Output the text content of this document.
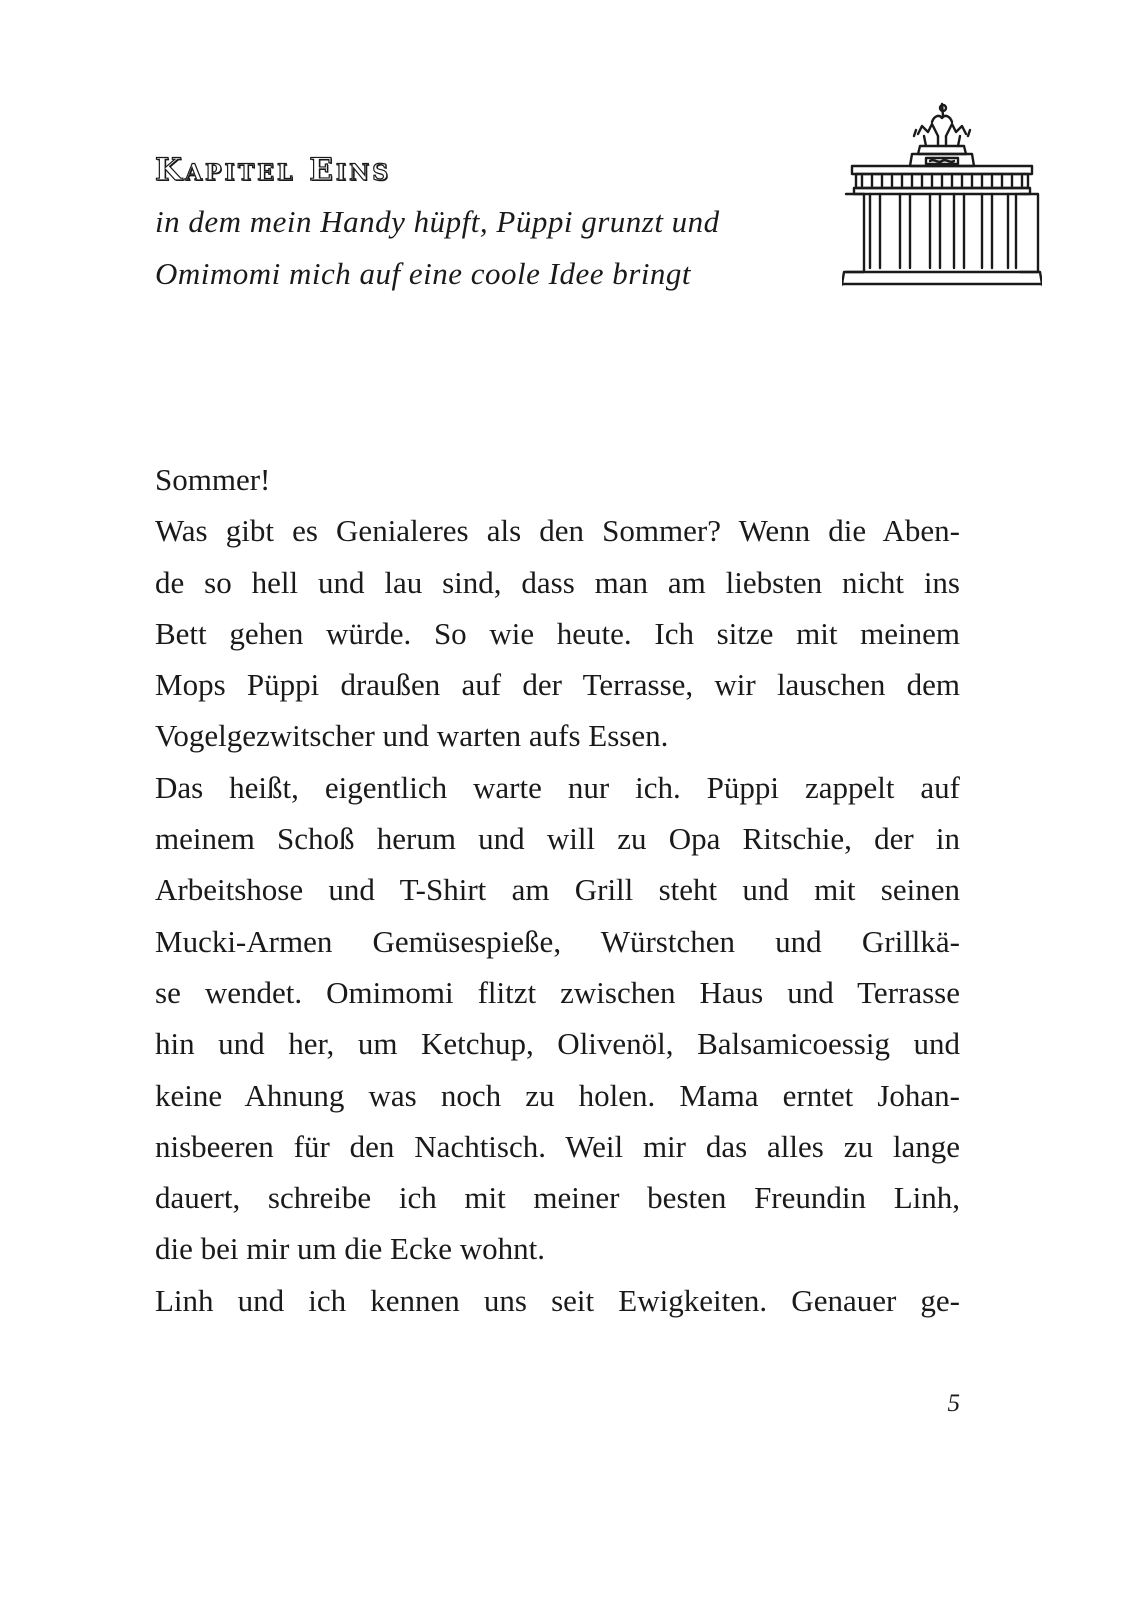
Kapitel Eins
in dem mein Handy hüpft, Püppi grunzt und
Omimomi mich auf eine coole Idee bringt
Sommer!
Was gibt es Genialeres als den Sommer? Wenn die Aben-
de so hell und lau sind, dass man am liebsten nicht ins
Bett gehen würde. So wie heute. Ich sitze mit meinem
Mops Püppi draußen auf der Terrasse, wir lauschen dem
Vogelgezwitscher und warten aufs Essen.
Das heißt, eigentlich warte nur ich. Püppi zappelt auf
meinem Schoß herum und will zu Opa Ritschie, der in
Arbeitshose und T-Shirt am Grill steht und mit seinen
Mucki-Armen Gemüsespieße, Würstchen und Grillkä-
se wendet. Omimomi flitzt zwischen Haus und Terrasse
hin und her, um Ketchup, Olivenöl, Balsamicoessig und
keine Ahnung was noch zu holen. Mama erntet Johan-
nisbeeren für den Nachtisch. Weil mir das alles zu lange
dauert, schreibe ich mit meiner besten Freundin Linh,
die bei mir um die Ecke wohnt.
Linh und ich kennen uns seit Ewigkeiten. Genauer ge-
5
